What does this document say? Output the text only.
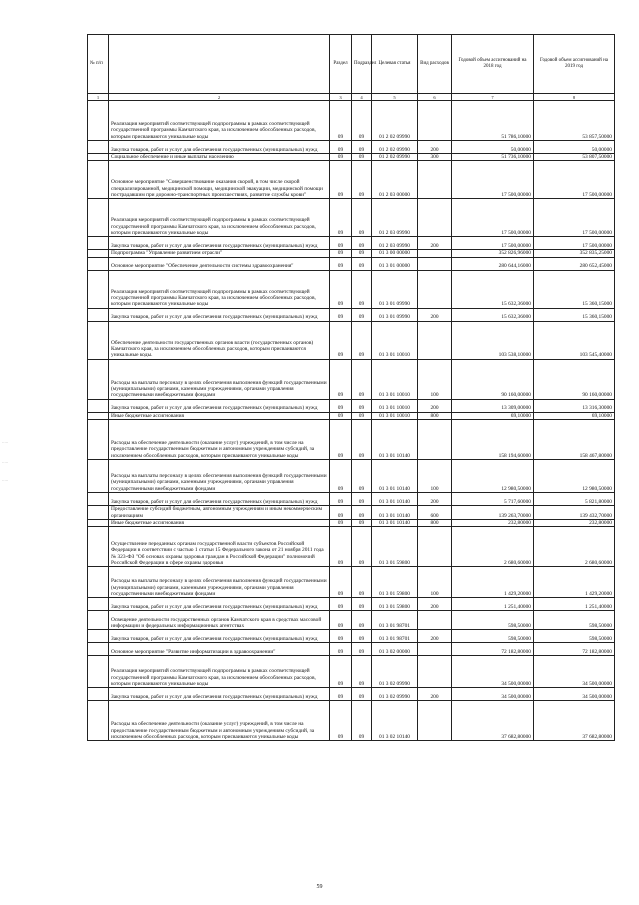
·····
·····
·····
№ п/п		Раздел	Подраздел	Целевая статья	Вид расходов	Годовой объем ассигнований на 2018 год	Годовой объем ассигнований на 2019 год
1	2	3	4	5	6	7	8
	Реализация мероприятий соответствующей подпрограммы в рамках соответствующей государственной программы Камчатского края, за исключением обособленных расходов, которым присваиваются уникальные коды	09	09	01 2 02 09990		51 786,10000	53 857,50000
	Закупка товаров, работ и услуг для обеспечения государственных (муниципальных) нужд	09	09	01 2 02 09990	200	50,00000	50,00000
	Социальное обеспечение и иные выплаты населению	09	09	01 2 02 09990	300	51 736,10000	53 807,50000
	Основное мероприятие "Совершенствование оказания скорой, в том числе скорой специализированной, медицинской помощи, медицинской эвакуации, медицинской помощи пострадавшим при дорожно-транспортных происшествиях, развитие службы крови"	09	09	01 2 03 00000		17 500,00000	17 500,00000
	Реализация мероприятий соответствующей подпрограммы в рамках соответствующей государственной программы Камчатского края, за исключением обособленных расходов, которым присваиваются уникальные коды	09	09	01 2 03 09990		17 500,00000	17 500,00000
	Закупка товаров, работ и услуг для обеспечения государственных (муниципальных) нужд	09	09	01 2 03 09990	200	17 500,00000	17 500,00000
	Подпрограмма "Управление развитием отрасли"	09	09	01 3 00 00000		352 826,96000	352 835,25000
	Основное мероприятие "Обеспечение деятельности системы здравоохранения"	09	09	01 3 01 00000		280 644,16000	280 652,45000
	Реализация мероприятий соответствующей подпрограммы в рамках соответствующей государственной программы Камчатского края, за исключением обособленных расходов, которым присваиваются уникальные коды	09	09	01 3 01 09990		15 632,36000	15 360,15000
	Закупка товаров, работ и услуг для обеспечения государственных (муниципальных) нужд	09	09	01 3 01 09990	200	15 632,36000	15 360,15000
	Обеспечение деятельности государственных органов власти (государственных органов) Камчатского края, за исключением обособленных расходов, которым присваиваются уникальные коды.	09	09	01 3 01 10010		103 538,10000	103 545,40000
	Расходы на выплаты персоналу в целях обеспечения выполнения функций государственными (муниципальными) органами, казенными учреждениями, органами управления государственными внебюджетными фондами	09	09	01 3 01 10010	100	90 160,00000	90 160,00000
	Закупка товаров, работ и услуг для обеспечения государственных (муниципальных) нужд	09	09	01 3 01 10010	200	13 309,00000	13 316,30000
	Иные бюджетные ассигнования	09	09	01 3 01 10010	800	69,10000	69,10000
	Расходы на обеспечение деятельности (оказание услуг) учреждений, в том числе на предоставление государственным бюджетным и автономным учреждениям субсидий, за исключением обособленных расходов, которым присваиваются уникальные коды	09	09	01 3 01 10140		158 194,60000	158 467,80000
	Расходы на выплаты персоналу в целях обеспечения выполнения функций государственными (муниципальными) органами, казенными учреждениями, органами управления государственными внебюджетными фондами	09	09	01 3 01 10140	100	12 980,50000	12 980,50000
	Закупка товаров, работ и услуг для обеспечения государственных (муниципальных) нужд	09	09	01 3 01 10140	200	5 717,60000	5 821,80000
	Предоставление субсидий бюджетным, автономным учреждениям и иным некоммерческим организациям	09	09	01 3 01 10140	600	139 263,70000	139 432,70000
	Иные бюджетные ассигнования	09	09	01 3 01 10140	800	232,80000	232,80000
	Осуществление переданных органам государственной власти субъектов Российской Федерации в соответствии с частью 1 статьи 15 Федерального закона от 21 ноября 2011 года № 323-ФЗ "Об основах охраны здоровья граждан в Российской Федерации" полномочий Российской Федерации в сфере охраны здоровья	09	09	01 3 01 59800		2 680,60000	2 680,60000
	Расходы на выплаты персоналу в целях обеспечения выполнения функций государственными (муниципальными) органами, казенными учреждениями, органами управления государственными внебюджетными фондами	09	09	01 3 01 59800	100	1 429,20000	1 429,20000
	Закупка товаров, работ и услуг для обеспечения государственных (муниципальных) нужд	09	09	01 3 01 59800	200	1 251,40000	1 251,40000
	Освещение деятельности государственных органов Камчатского края в средствах массовой информации и федеральных информационных агентствах	09	09	01 3 01 98701		598,50000	598,50000
	Закупка товаров, работ и услуг для обеспечения государственных (муниципальных) нужд	09	09	01 3 01 98701	200	598,50000	598,50000
	Основное мероприятие "Развитие информатизации в здравоохранении"	09	09	01 3 02 00000		72 182,80000	72 182,80000
	Реализация мероприятий соответствующей подпрограммы в рамках соответствующей государственной программы Камчатского края, за исключением обособленных расходов, которым присваиваются уникальные коды	09	09	01 3 02 09990		34 500,00000	34 500,00000
	Закупка товаров, работ и услуг для обеспечения государственных (муниципальных) нужд	09	09	01 3 02 09990	200	34 500,00000	34 500,00000
	Расходы на обеспечение деятельности (оказание услуг) учреждений, в том числе на предоставление государственным бюджетным и автономным учреждениям субсидий, за исключением обособленных расходов, которым присваиваются уникальные коды	09	09	01 3 02 10140		37 682,80000	37 682,80000
59
